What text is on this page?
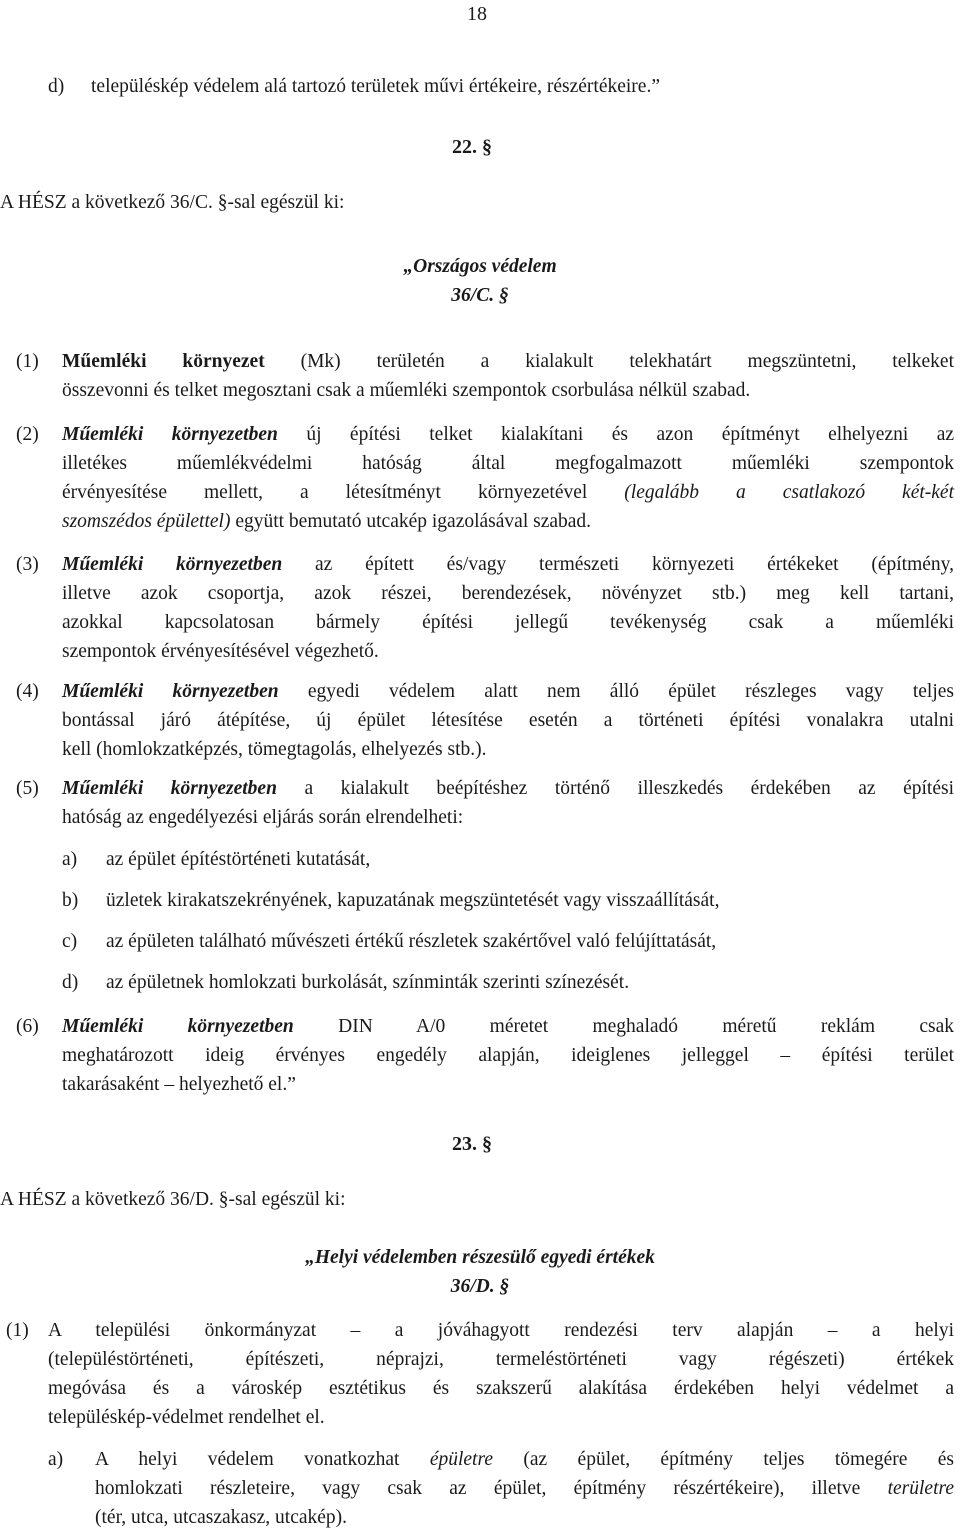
18
d) településkép védelem alá tartozó területek művi értékeire, részértékeire.”
22. §
A HÉSZ a következő 36/C. §-sal egészül ki:
„Országos védelem
36/C. §
(1) Műemléki környezet (Mk) területén a kialakult telekhatárt megszüntetni, telkeket
összevonni és telket megosztani csak a műemléki szempontok csorbulása nélkül szabad.
(2) Műemléki környezetben új építési telket kialakítani és azon építményt elhelyezni az
illetékes műemlékvédelmi hatóság által megfogalmazott műemléki szempontok
érvényesítése mellett, a létesítményt környezetével (legalább a csatlakozó két-két
szomszédos épülettel) együtt bemutató utcakép igazolásával szabad.
(3) Műemléki környezetben az épített és/vagy természeti környezeti értékeket (építmény,
illetve azok csoportja, azok részei, berendezések, növényzet stb.) meg kell tartani,
azokkal kapcsolatosan bármely építési jellegű tevékenység csak a műemléki
szempontok érvényesítésével végezhető.
(4) Műemléki környezetben egyedi védelem alatt nem álló épület részleges vagy teljes
bontással járó átépítése, új épület létesítése esetén a történeti építési vonalakra utalni
kell (homlokzatképzés, tömegtagolás, elhelyezés stb.).
(5) Műemléki környezetben a kialakult beépítéshez történő illeszkedés érdekében az építési
hatóság az engedélyezési eljárás során elrendelheti:
a) az épület építéstörténeti kutatását,
b) üzletek kirakatszekrényének, kapuzatának megszüntetését vagy visszaállítását,
c) az épületen található művészeti értékű részletek szakértővel való felújíttatását,
d) az épületnek homlokzati burkolását, színminták szerinti színezését.
(6) Műemléki környezetben DIN A/0 méretet meghaladó méretű reklám csak
meghatározott ideig érvényes engedély alapján, ideiglenes jelleggel – építési terület
takarásaként – helyezhető el.”
23. §
A HÉSZ a következő 36/D. §-sal egészül ki:
„Helyi védelemben részesülő egyedi értékek
36/D. §
(1) A települési önkormányzat – a jóváhagyott rendezési terv alapján – a helyi
(településtörténeti, építészeti, néprajzi, termeléstörténeti vagy régészeti) értékek
megóvása és a városkép esztétikus és szakszerű alakítása érdekében helyi védelmet a
településkép-védelmet rendelhet el.
a) A helyi védelem vonatkozhat épületre (az épület, építmény teljes tömegére és
homlokzati részleteire, vagy csak az épület, építmény részértékeire), illetve területre
(tér, utca, utcaszakasz, utcakép).
